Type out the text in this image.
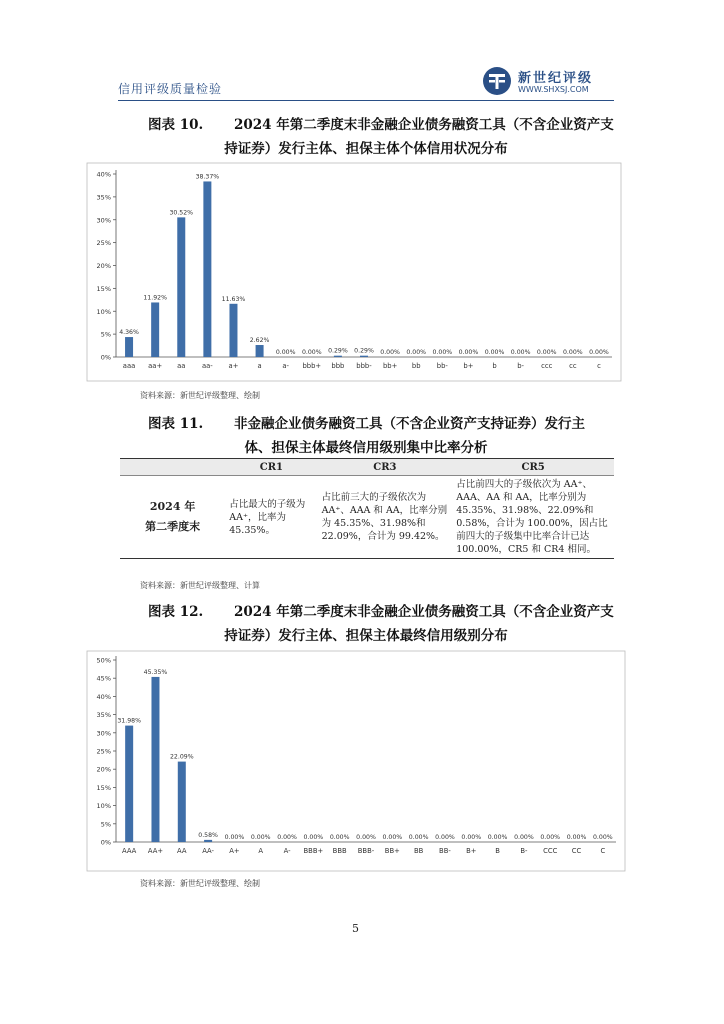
信用评级质量检验
新世纪评级
WWW.SHXSJ.COM
图表 10. 2024 年第二季度末非金融企业债务融资工具（不含企业资产支
持证券）发行主体、担保主体个体信用状况分布
0%
5%
10%
15%
20%
25%
30%
35%
40%
4.36%
aaa
11.92%
aa+
30.52%
aa
38.37%
aa-
11.63%
a+
2.62%
a
0.00%
a-
0.00%
bbb+
0.29%
bbb
0.29%
bbb-
0.00%
bb+
0.00%
bb
0.00%
bb-
0.00%
b+
0.00%
b
0.00%
b-
0.00%
ccc
0.00%
cc
0.00%
c
资料来源：新世纪评级整理、绘制
图表 11. 非金融企业债务融资工具（不含企业资产支持证券）发行主
体、担保主体最终信用级别集中比率分析
	CR1	CR3	CR5

2024 年
第二季度末	占比最大的子级为 AA⁺，比率为 45.35%。	占比前三大的子级依次为 AA⁺、AAA 和 AA，比率分别为 45.35%、31.98%和 22.09%，合计为 99.42%。	占比前四大的子级依次为 AA⁺、AAA、AA 和 AA，比率分别为 45.35%、31.98%、22.09%和 0.58%，合计为 100.00%，因占比前四大的子级集中比率合计已达 100.00%，CR5 和 CR4 相同。
资料来源：新世纪评级整理、计算
图表 12. 2024 年第二季度末非金融企业债务融资工具（不含企业资产支
持证券）发行主体、担保主体最终信用级别分布
0%
5%
10%
15%
20%
25%
30%
35%
40%
45%
50%
31.98%
AAA
45.35%
AA+
22.09%
AA
0.58%
AA-
0.00%
A+
0.00%
A
0.00%
A-
0.00%
BBB+
0.00%
BBB
0.00%
BBB-
0.00%
BB+
0.00%
BB
0.00%
BB-
0.00%
B+
0.00%
B
0.00%
B-
0.00%
CCC
0.00%
CC
0.00%
C
资料来源：新世纪评级整理、绘制
5
